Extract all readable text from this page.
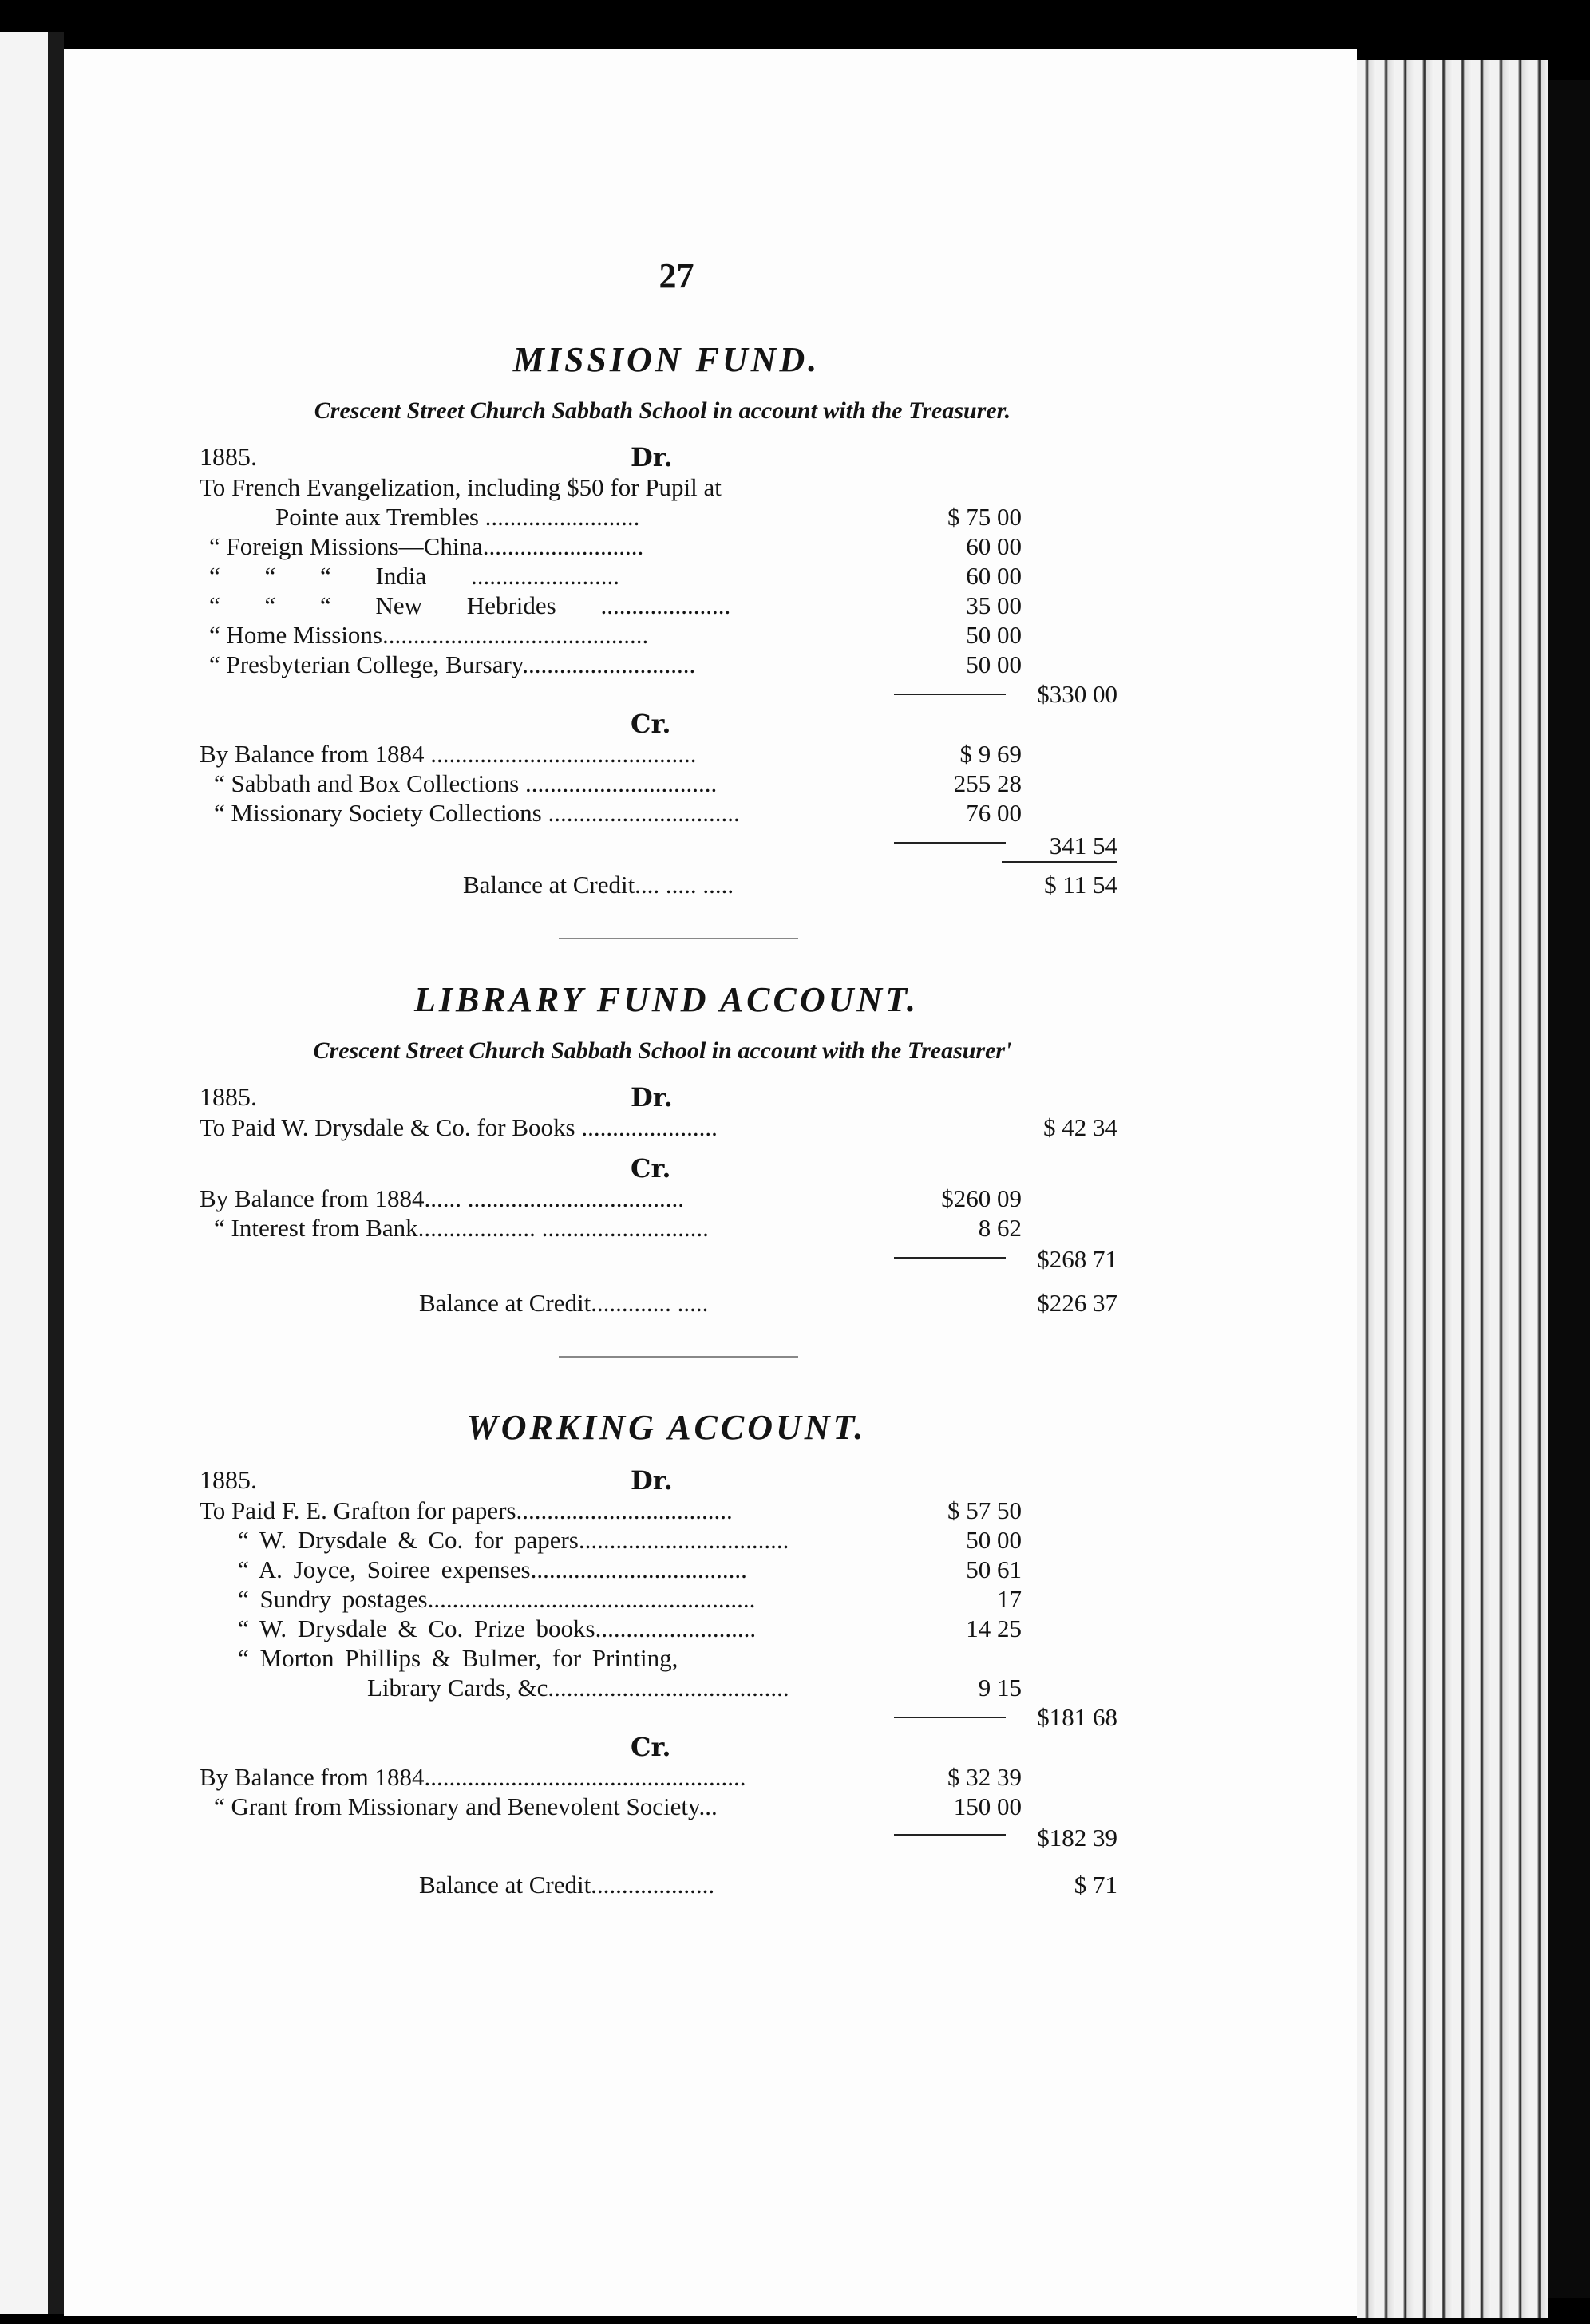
27
MISSION FUND.
Crescent Street Church Sabbath School in account with the Treasurer.
1885.	Dr.
To French Evangelization, including $50 for Pupil at
Pointe aux Trembles .........................	$ 75 00
“ Foreign Missions—China..........................	60 00
“ “ “ India ........................	60 00
“ “ “ New Hebrides .....................	35 00
“ Home Missions...........................................	50 00
“ Presbyterian College, Bursary............................	50 00
$330 00
Cr.
By Balance from 1884 ...........................................	$ 9 69
“ Sabbath and Box Collections ...............................	255 28
“ Missionary Society Collections ...............................	76 00
341 54
Balance at Credit.... ..... .....	$ 11 54
LIBRARY FUND ACCOUNT.
Crescent Street Church Sabbath School in account with the Treasurer'
1885.	Dr.
To Paid W. Drysdale & Co. for Books ......................	$ 42 34
Cr.
By Balance from 1884...... ...................................	$260 09
“ Interest from Bank................... ...........................	8 62
$268 71
Balance at Credit............. .....	$226 37
WORKING ACCOUNT.
1885.	Dr.
To Paid F. E. Grafton for papers...................................	$ 57 50
“ W. Drysdale & Co. for papers..................................	50 00
“ A. Joyce, Soiree expenses...................................	50 61
“ Sundry postages.....................................................	17
“ W. Drysdale & Co. Prize books..........................	14 25
“ Morton Phillips & Bulmer, for Printing,
Library Cards, &c.......................................	9 15
$181 68
Cr.
By Balance from 1884....................................................	$ 32 39
“ Grant from Missionary and Benevolent Society...	150 00
$182 39
Balance at Credit....................	$ 71
